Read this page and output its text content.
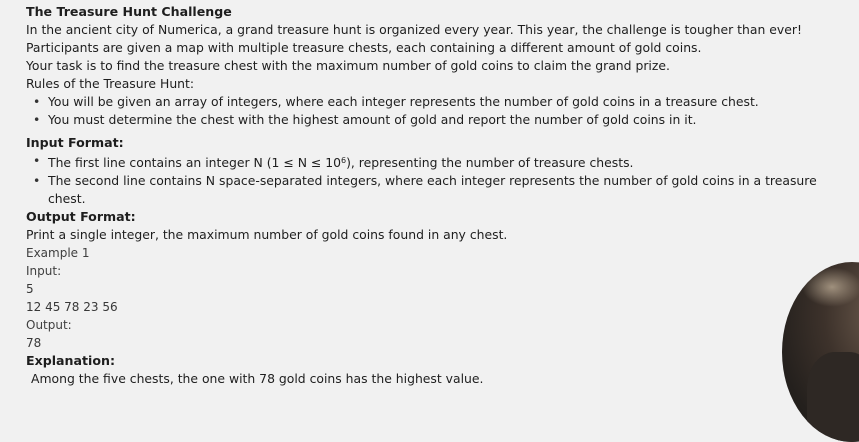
The Treasure Hunt Challenge

In the ancient city of Numerica, a grand treasure hunt is organized every year. This year, the challenge is tougher than ever! Participants are given a map with multiple treasure chests, each containing a different amount of gold coins.

Your task is to find the treasure chest with the maximum number of gold coins to claim the grand prize.

Rules of the Treasure Hunt:

• You will be given an array of integers, where each integer represents the number of gold coins in a treasure chest.
• You must determine the chest with the highest amount of gold and report the number of gold coins in it.

Input Format:

• The first line contains an integer N $(1 \le N \le 10^6)$, representing the number of treasure chests.
• The second line contains N space-separated integers, where each integer represents the number of gold coins in a treasure chest.

Output Format:

Print a single integer, the maximum number of gold coins found in any chest.

Example 1

Input:

5

12 45 78 23 56

Output:

78

Explanation:

Among the five chests, the one with 78 gold coins has the highest value.
